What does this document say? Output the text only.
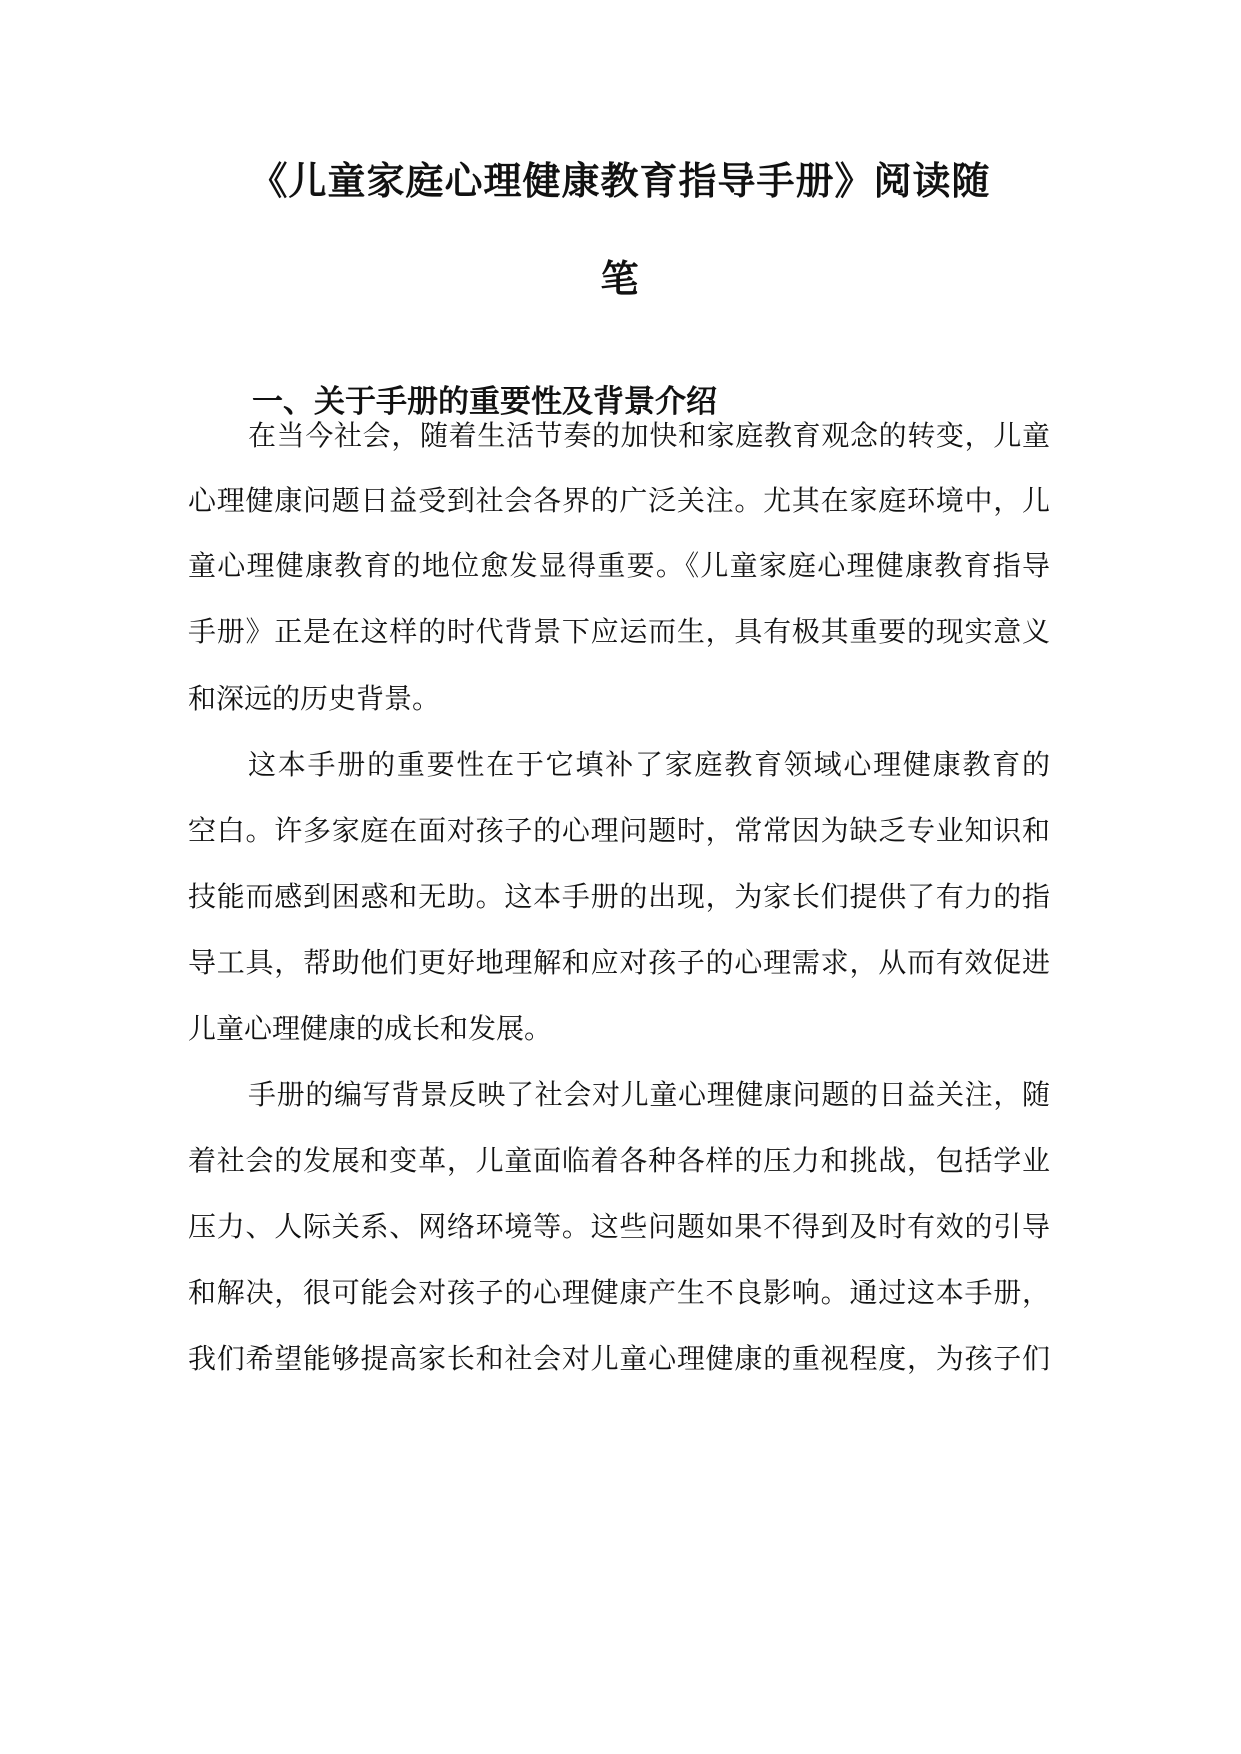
《儿童家庭心理健康教育指导手册》阅读随
笔
一、关于手册的重要性及背景介绍

在当今社会，随着生活节奏的加快和家庭教育观念的转变，儿童

心理健康问题日益受到社会各界的广泛关注。尤其在家庭环境中，儿

童心理健康教育的地位愈发显得重要。《儿童家庭心理健康教育指导

手册》正是在这样的时代背景下应运而生，具有极其重要的现实意义

和深远的历史背景。

这本手册的重要性在于它填补了家庭教育领域心理健康教育的

空白。许多家庭在面对孩子的心理问题时，常常因为缺乏专业知识和

技能而感到困惑和无助。这本手册的出现，为家长们提供了有力的指

导工具，帮助他们更好地理解和应对孩子的心理需求，从而有效促进

儿童心理健康的成长和发展。

手册的编写背景反映了社会对儿童心理健康问题的日益关注，随

着社会的发展和变革，儿童面临着各种各样的压力和挑战，包括学业

压力、人际关系、网络环境等。这些问题如果不得到及时有效的引导

和解决，很可能会对孩子的心理健康产生不良影响。通过这本手册，

我们希望能够提高家长和社会对儿童心理健康的重视程度，为孩子们
